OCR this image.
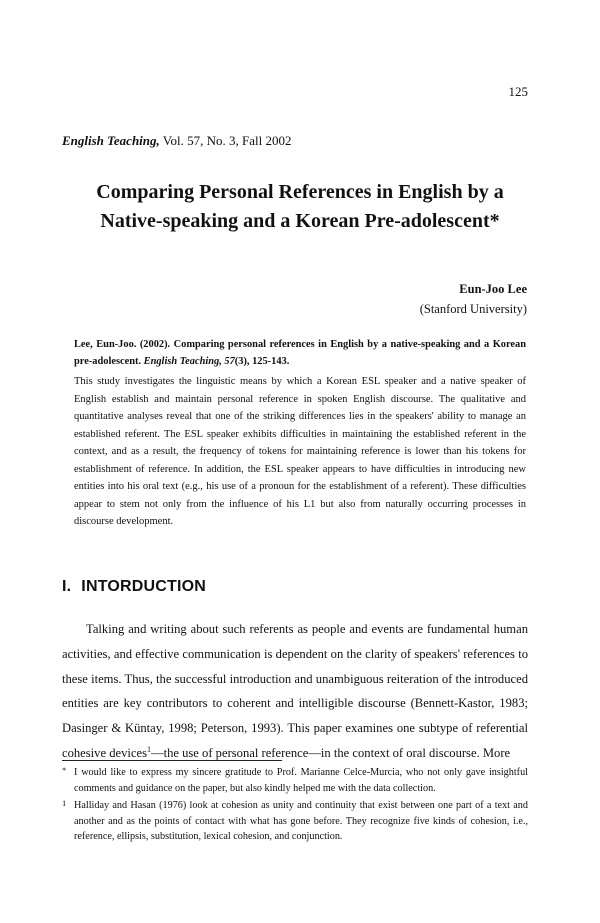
125
English Teaching, Vol. 57, No. 3, Fall 2002
Comparing Personal References in English by a
Native-speaking and a Korean Pre-adolescent*
Eun-Joo Lee
(Stanford University)
Lee, Eun-Joo. (2002). Comparing personal references in English by a native-speaking and a Korean pre-adolescent. English Teaching, 57(3), 125-143.
This study investigates the linguistic means by which a Korean ESL speaker and a native speaker of English establish and maintain personal reference in spoken English discourse. The qualitative and quantitative analyses reveal that one of the striking differences lies in the speakers' ability to manage an established referent. The ESL speaker exhibits difficulties in maintaining the established referent in the context, and as a result, the frequency of tokens for maintaining reference is lower than his tokens for establishment of reference. In addition, the ESL speaker appears to have difficulties in introducing new entities into his oral text (e.g., his use of a pronoun for the establishment of a referent). These difficulties appear to stem not only from the influence of his L1 but also from naturally occurring processes in discourse development.
I. INTORDUCTION
Talking and writing about such referents as people and events are fundamental human activities, and effective communication is dependent on the clarity of speakers' references to these items. Thus, the successful introduction and unambiguous reiteration of the introduced entities are key contributors to coherent and intelligible discourse (Bennett-Kastor, 1983; Dasinger & Küntay, 1998; Peterson, 1993). This paper examines one subtype of referential cohesive devices$^1$—the use of personal reference—in the context of oral discourse. More
* I would like to express my sincere gratitude to Prof. Marianne Celce-Murcia, who not only gave insightful comments and guidance on the paper, but also kindly helped me with the data collection.
1 Halliday and Hasan (1976) look at cohesion as unity and continuity that exist between one part of a text and another and as the points of contact with what has gone before. They recognize five kinds of cohesion, i.e., reference, ellipsis, substitution, lexical cohesion, and conjunction.
